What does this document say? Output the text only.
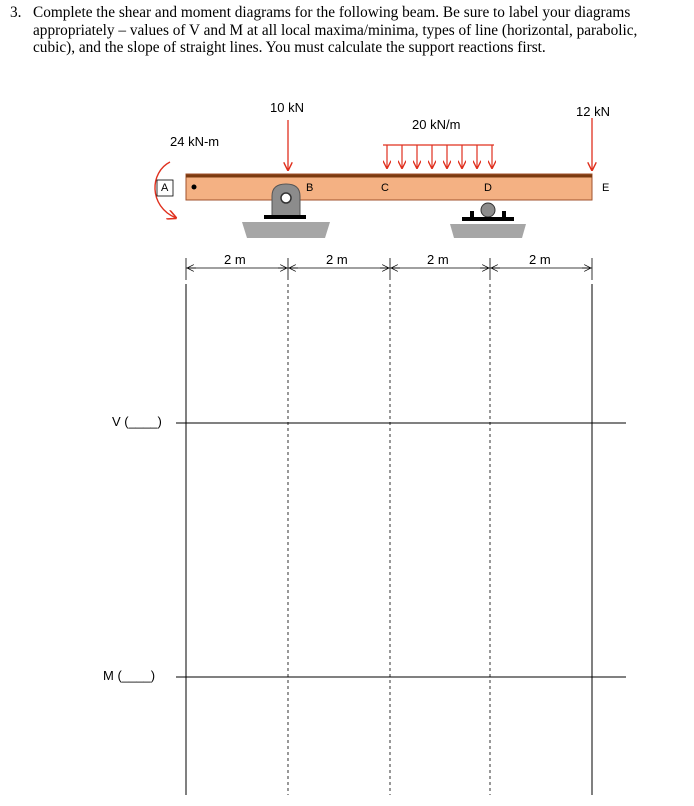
3. Complete the shear and moment diagrams for the following beam. Be sure to label your diagrams appropriately – values of V and M at all local maxima/minima, types of line (horizontal, parabolic, cubic), and the slope of straight lines. You must calculate the support reactions first.
24 kN-m
10 kN
20 kN/m
12 kN
A	B	C	D	E
2 m	2 m	2 m	2 m
V (____)
M (____)
